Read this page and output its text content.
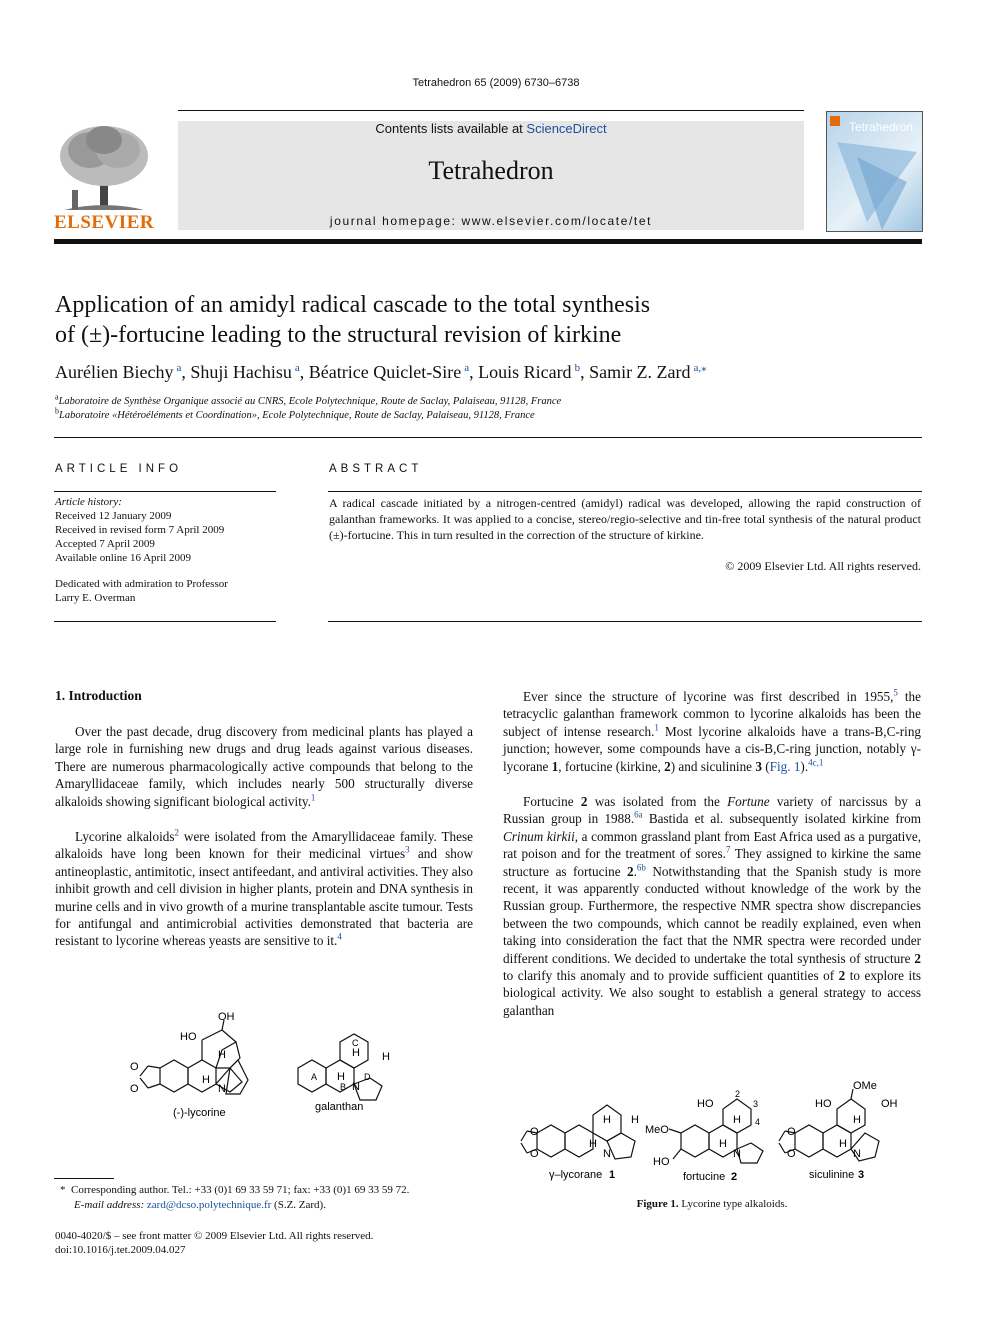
Tetrahedron 65 (2009) 6730–6738
Contents lists available at ScienceDirect
Tetrahedron
journal homepage: www.elsevier.com/locate/tet
ELSEVIER
Tetrahedron
Application of an amidyl radical cascade to the total synthesis
of (±)-fortucine leading to the structural revision of kirkine
Aurélien Biechy $^a$, Shuji Hachisu $^a$, Béatrice Quiclet-Sire $^a$, Louis Ricard $^b$, Samir Z. Zard $^{a,⁎}$
$^a$Laboratoire de Synthèse Organique associé au CNRS, Ecole Polytechnique, Route de Saclay, Palaiseau, 91128, France
$^b$Laboratoire «Hétéroéléments et Coordination», Ecole Polytechnique, Route de Saclay, Palaiseau, 91128, France
ARTICLE INFO
Article history:
Received 12 January 2009
Received in revised form 7 April 2009
Accepted 7 April 2009
Available online 16 April 2009
Dedicated with admiration to Professor
Larry E. Overman
ABSTRACT
A radical cascade initiated by a nitrogen-centred (amidyl) radical was developed, allowing the rapid construction of galanthan frameworks. It was applied to a concise, stereo/regio-selective and tin-free total synthesis of the natural product (±)-fortucine. This in turn resulted in the correction of the structure of kirkine.
© 2009 Elsevier Ltd. All rights reserved.
1. Introduction
Over the past decade, drug discovery from medicinal plants has played a large role in furnishing new drugs and drug leads against various diseases. There are numerous pharmacologically active compounds that belong to the Amaryllidaceae family, which includes nearly 500 structurally diverse alkaloids showing significant biological activity.$^1$
Lycorine alkaloids$^2$ were isolated from the Amaryllidaceae family. These alkaloids have long been known for their medicinal virtues$^3$ and show antineoplastic, antimitotic, insect antifeedant, and antiviral activities. They also inhibit growth and cell division in higher plants, protein and DNA synthesis in murine cells and in vivo growth of a murine transplantable ascite tumour. Tests for antifungal and antimicrobial activities demonstrated that bacteria are resistant to lycorine whereas yeasts are sensitive to it.$^4$
O
O
OH
HO
H
H
N
(-)-lycorine
A
B
C
D
H
H
H
N
galanthan
Ever since the structure of lycorine was first described in 1955,$^5$ the tetracyclic galanthan framework common to lycorine alkaloids has been the subject of intense research.$^1$ Most lycorine alkaloids have a trans-B,C-ring junction; however, some compounds have a cis-B,C-ring junction, notably γ-lycorane 1, fortucine (kirkine, 2) and siculinine 3 (Fig. 1).$^{4c,1}$
Fortucine 2 was isolated from the Fortune variety of narcissus by a Russian group in 1988.$^{6a}$ Bastida et al. subsequently isolated kirkine from Crinum kirkii, a common grassland plant from East Africa used as a purgative, rat poison and for the treatment of sores.$^7$ They assigned to kirkine the same structure as fortucine 2.$^{6b}$ Notwithstanding that the Spanish study is more recent, it was apparently conducted without knowledge of the work by the Russian group. Furthermore, the respective NMR spectra show discrepancies between the two compounds, which cannot be readily explained, even when taking into consideration the fact that the NMR spectra were recorded under different conditions. We decided to undertake the total synthesis of structure 2 to clarify this anomaly and to provide sufficient quantities of 2 to explore its biological activity. We also sought to establish a general strategy to access galanthan
O
O
H H
H
N
γ–lycorane 1
MeO
HO
HO
2
3
4
H
H
N
fortucine 2
O
O
OMe
HO	OH
H
H
N
siculinine 3
Figure 1. Lycorine type alkaloids.
* Corresponding author. Tel.: +33 (0)1 69 33 59 71; fax: +33 (0)1 69 33 59 72.
E-mail address: zard@dcso.polytechnique.fr (S.Z. Zard).
0040-4020/$ – see front matter © 2009 Elsevier Ltd. All rights reserved.
doi:10.1016/j.tet.2009.04.027
